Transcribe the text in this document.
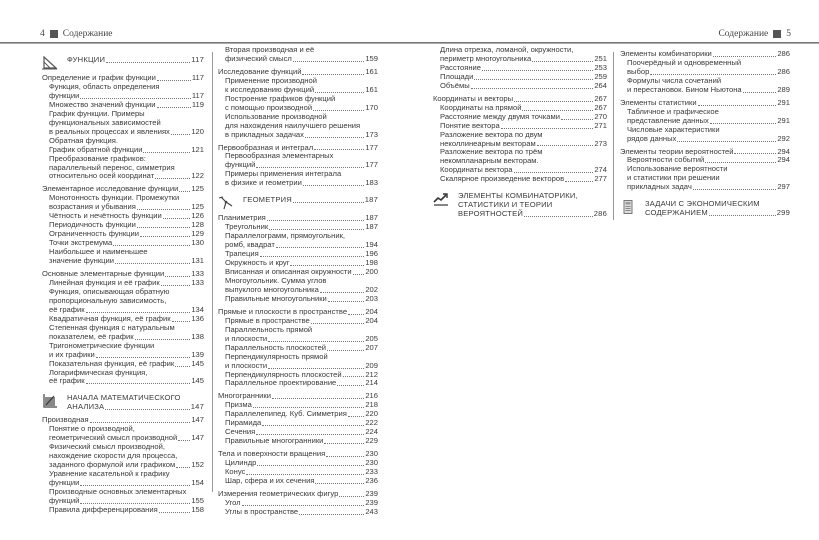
4 Содержание	Содержание 5
ФУНКЦИИ	117
Определение и график функции	117
Функция, область определения
функции	117
Множество значений функции	119
График функции. Примеры
функциональных зависимостей
в реальных процессах и явлениях	120
Обратная функция.
График обратной функции	121
Преобразование графиков:
параллельный перенос, симметрия
относительно осей координат	122
Элементарное исследование функции 125
Монотонность функции. Промежутки
возрастания и убывания	125
Чётность и нечётность функции	126
Периодичность функции	128
Ограниченность функции	129
Точки экстремума	130
Наибольшее и наименьшее
значение функции	131
Основные элементарные функции	133
Линейная функция и её график	133
Функция, описывающая обратную
пропорциональную зависимость,
её график	134
Квадратичная функция, её график	136
Степенная функция с натуральным
показателем, её график	138
Тригонометрические функции
и их графики	139
Показательная функция, её график 145
Логарифмическая функция,
её график	145
НАЧАЛА МАТЕМАТИЧЕСКОГО
АНАЛИЗА	147
Производная	147
Понятие о производной,
геометрический смысл производной 147
Физический смысл производной,
нахождение скорости для процесса,
заданного формулой или графиком 152
Уравнение касательной к графику
функции	154
Производные основных элементарных
функций	155
Правила дифференцирования	158
Вторая производная и её
физический смысл	159
Исследование функций	161
Применение производной
к исследованию функций	161
Построение графиков функций
с помощью производной	170
Использование производной
для нахождения наилучшего решения
в прикладных задачах	173
Первообразная и интеграл	177
Первообразная элементарных
функций	177
Примеры применения интеграла
в физике и геометрии	183
ГЕОМЕТРИЯ	187
Планиметрия	187
Треугольник	187
Параллелограмм, прямоугольник,
ромб, квадрат	194
Трапеция	196
Окружность и круг	198
Вписанная и описанная окружности 200
Многоугольник. Сумма углов
выпуклого многоугольника	202
Правильные многоугольники	203
Прямые и плоскости в пространстве 204
Прямые в пространстве	204
Параллельность прямой
и плоскости	205
Параллельность плоскостей	207
Перпендикулярность прямой
и плоскости	209
Перпендикулярность плоскостей	212
Параллельное проектирование	214
Многогранники	216
Призма	218
Параллелепипед. Куб. Симметрия 220
Пирамида	222
Сечения	224
Правильные многогранники	229
Тела и поверхности вращения	230
Цилиндр	230
Конус	233
Шар, сфера и их сечения	236
Измерения геометрических фигур	239
Угол	239
Углы в пространстве	243
Длина отрезка, ломаной, окружности,
периметр многоугольника	251
Расстояние	253
Площади	259
Объёмы	264
Координаты и векторы	267
Координаты на прямой	267
Расстояние между двумя точками	270
Понятие вектора	271
Разложение вектора по двум
неколлинеарным векторам	273
Разложение вектора по трём
некомпланарным векторам.
Координаты вектора	274
Скалярное произведение векторов	277
ЭЛЕМЕНТЫ КОМБИНАТОРИКИ,
СТАТИСТИКИ И ТЕОРИИ
ВЕРОЯТНОСТЕЙ	286
Элементы комбинаторики	286
Поочерёдный и одновременный
выбор	286
Формулы числа сочетаний
и перестановок. Бином Ньютона	289
Элементы статистики	291
Табличное и графическое
представление данных	291
Числовые характеристики
рядов данных	292
Элементы теории вероятностей	294
Вероятности событий	294
Использование вероятности
и статистики при решении
прикладных задач	297
ЗАДАЧИ С ЭКОНОМИЧЕСКИМ
СОДЕРЖАНИЕМ	299
